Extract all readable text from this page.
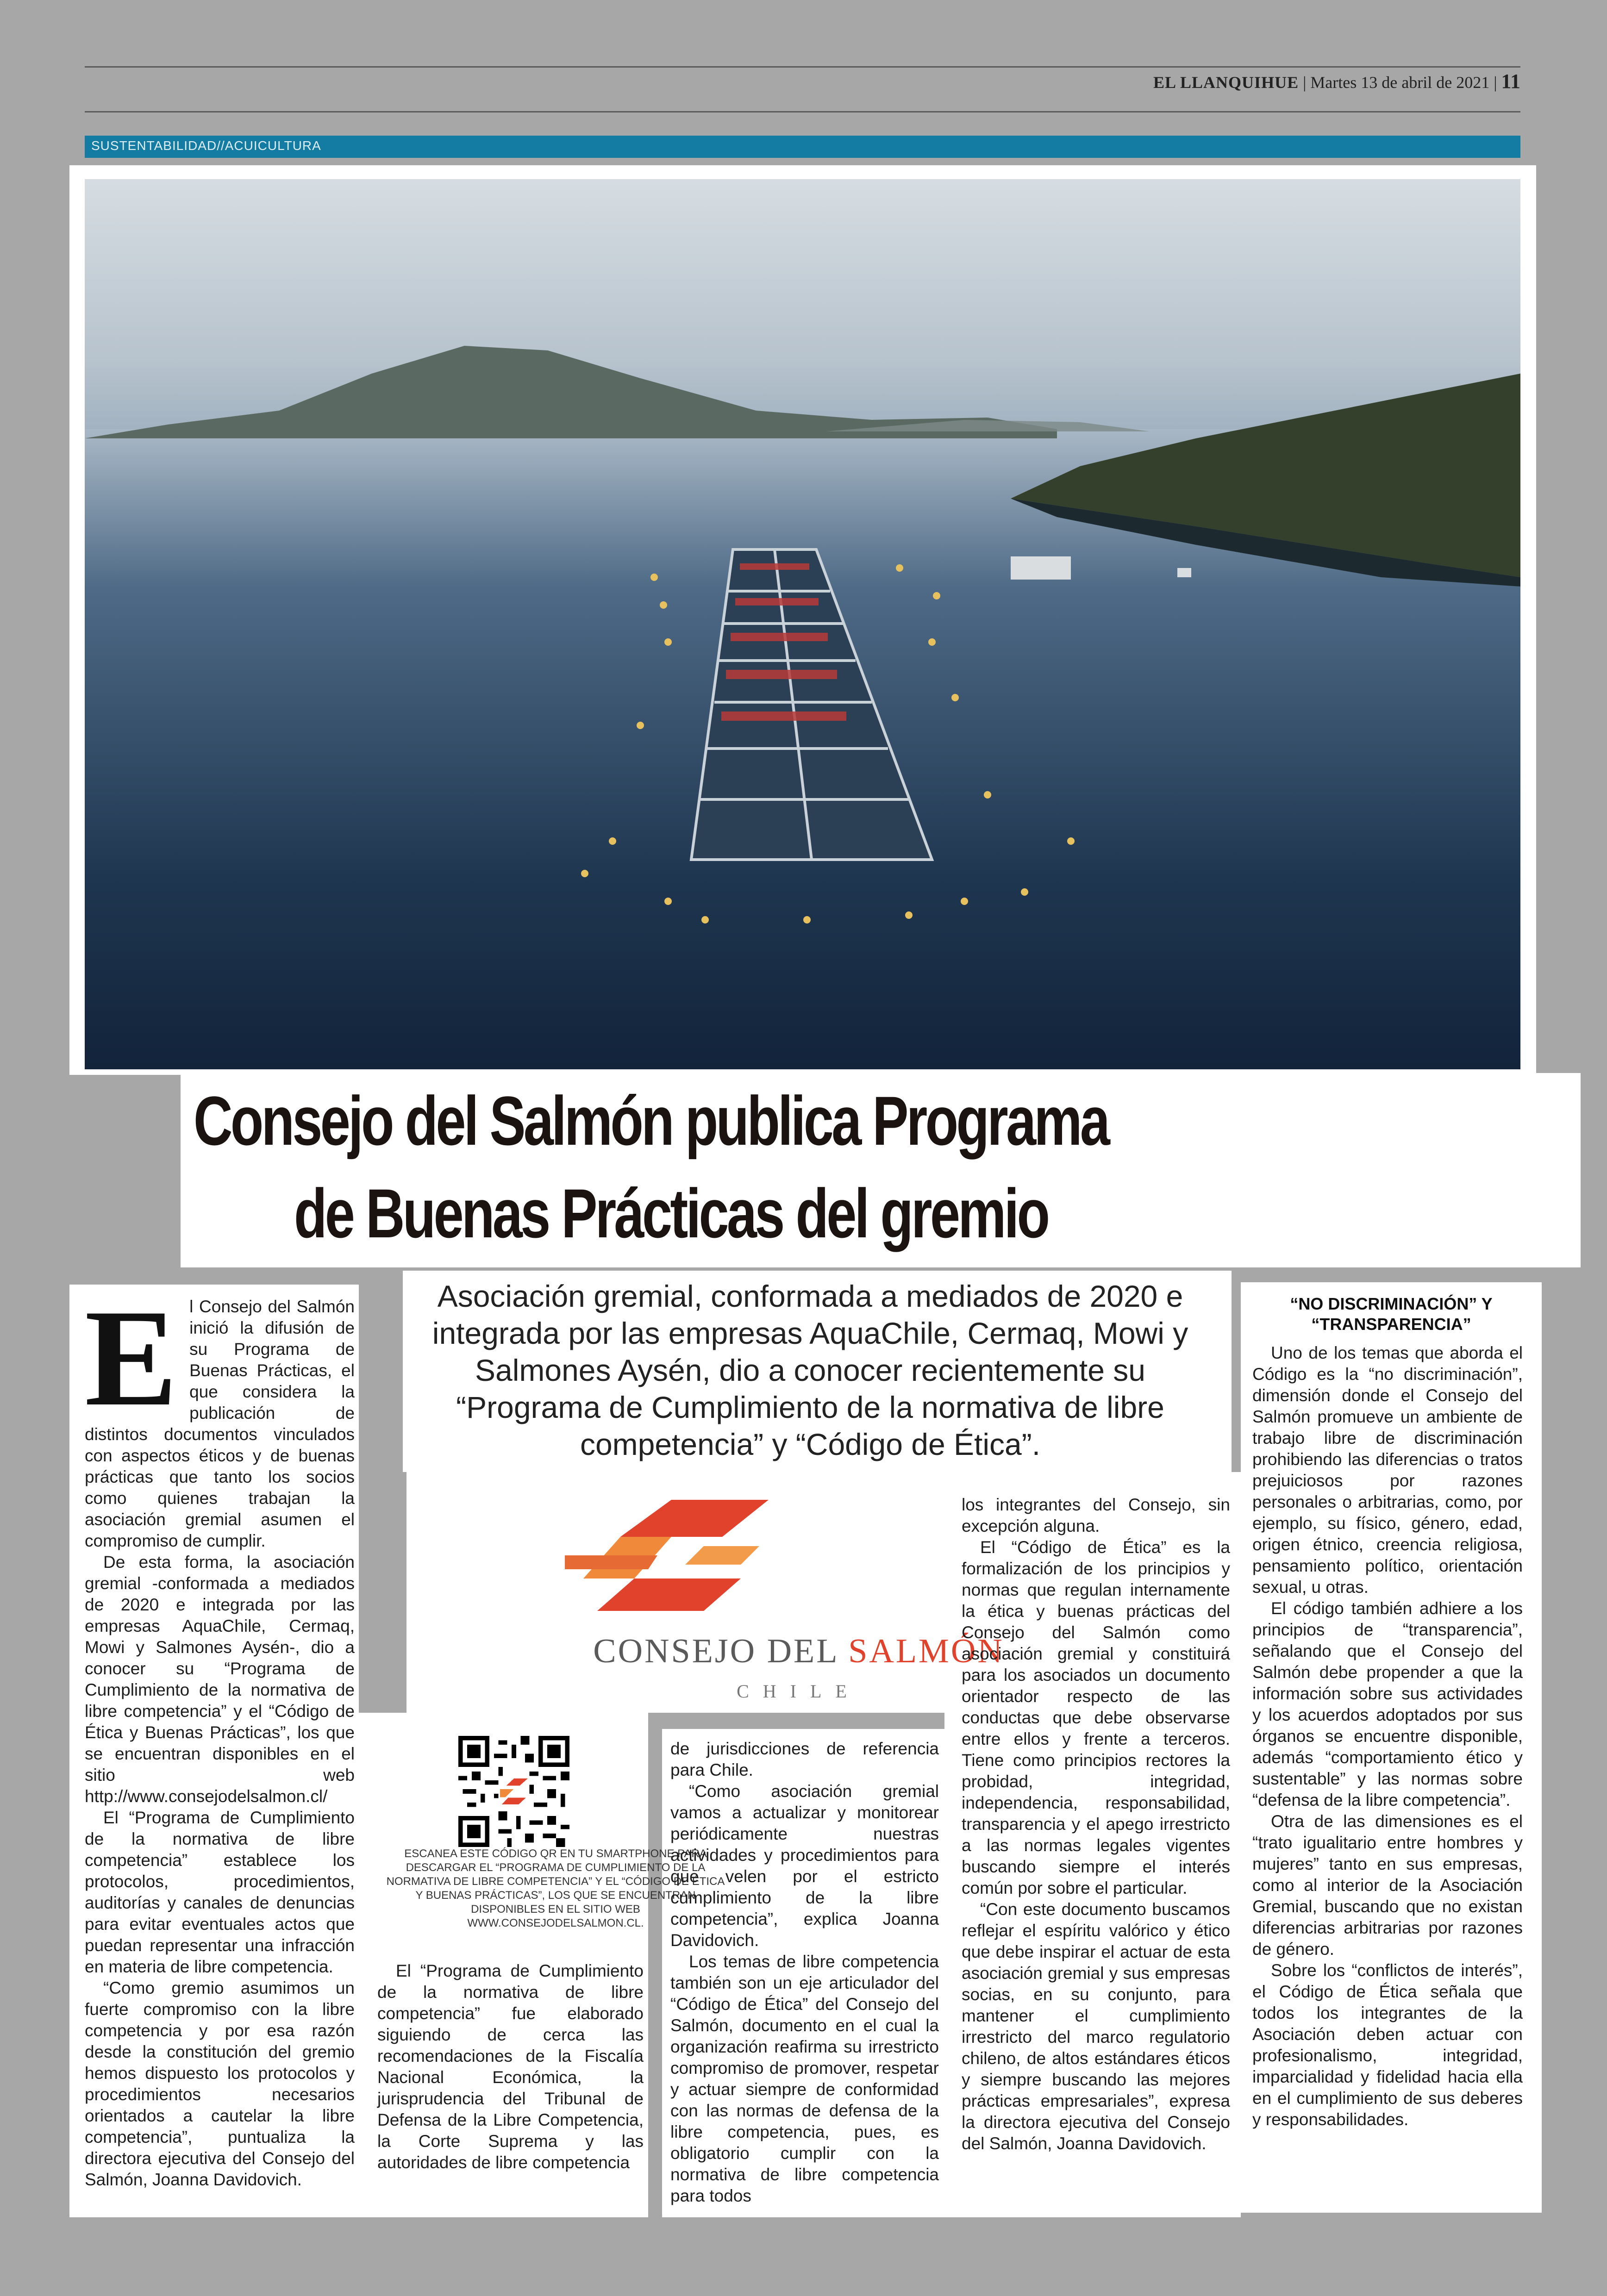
EL LLANQUIHUE | Martes 13 de abril de 2021 | 11
SUSTENTABILIDAD//ACUICULTURA
Consejo del Salmón publica Programa
de Buenas Prácticas del gremio
Asociación gremial, conformada a mediados de 2020 e integrada por las empresas AquaChile, Cermaq, Mowi y Salmones Aysén, dio a conocer recientemente su “Programa de Cumplimiento de la normativa de libre competencia” y “Código de Ética”.
CONSEJO DEL SALMÓN
CHILE
ESCANEA ESTE CÓDIGO QR EN TU SMARTPHONE PARA DESCARGAR EL “PROGRAMA DE CUMPLIMIENTO DE LA NORMATIVA DE LIBRE COMPETENCIA” Y EL “CÓDIGO DE ÉTICA Y BUENAS PRÁCTICAS”, LOS QUE SE ENCUENTRAN DISPONIBLES EN EL SITIO WEB WWW.CONSEJODELSALMON.CL.
E l Consejo del Salmón inició la difusión de su Programa de Buenas Prácticas, el que considera la publicación de distintos documentos vinculados con aspectos éticos y de buenas prácticas que tanto los socios como quienes trabajan la asociación gremial asumen el compromiso de cumplir.

De esta forma, la asociación gremial -conformada a mediados de 2020 e integrada por las empresas AquaChile, Cermaq, Mowi y Salmones Aysén-, dio a conocer su “Programa de Cumplimiento de la normativa de libre competencia” y el “Código de Ética y Buenas Prácticas”, los que se encuentran disponibles en el sitio web http://www.consejodelsalmon.cl/

El “Programa de Cumplimiento de la normativa de libre competencia” establece los protocolos, procedimientos, auditorías y canales de denuncias para evitar eventuales actos que puedan representar una infracción en materia de libre competencia.

“Como gremio asumimos un fuerte compromiso con la libre competencia y por esa razón desde la constitución del gremio hemos dispuesto los protocolos y procedimientos necesarios orientados a cautelar la libre competencia”, puntualiza la directora ejecutiva del Consejo del Salmón, Joanna Davidovich.

El “Programa de Cumplimiento de la normativa de libre competencia” fue elaborado siguiendo de cerca las recomendaciones de la Fiscalía Nacional Económica, la jurisprudencia del Tribunal de Defensa de la Libre Competencia, la Corte Suprema y las autoridades de libre competencia

de jurisdicciones de referencia para Chile.

“Como asociación gremial vamos a actualizar y monitorear periódicamente nuestras actividades y procedimientos para que velen por el estricto cumplimiento de la libre competencia”, explica Joanna Davidovich.

Los temas de libre competencia también son un eje articulador del “Código de Ética” del Consejo del Salmón, documento en el cual la organización reafirma su irrestricto compromiso de promover, respetar y actuar siempre de conformidad con las normas de defensa de la libre competencia, pues, es obligatorio cumplir con la normativa de libre competencia para todos

los integrantes del Consejo, sin excepción alguna.

El “Código de Ética” es la formalización de los principios y normas que regulan internamente la ética y buenas prácticas del Consejo del Salmón como asociación gremial y constituirá para los asociados un documento orientador respecto de las conductas que debe observarse entre ellos y frente a terceros. Tiene como principios rectores la probidad, integridad, independencia, responsabilidad, transparencia y el apego irrestricto a las normas legales vigentes buscando siempre el interés común por sobre el particular.

“Con este documento buscamos reflejar el espíritu valórico y ético que debe inspirar el actuar de esta asociación gremial y sus empresas socias, en su conjunto, para mantener el cumplimiento irrestricto del marco regulatorio chileno, de altos estándares éticos y siempre buscando las mejores prácticas empresariales”, expresa la directora ejecutiva del Consejo del Salmón, Joanna Davidovich.

“NO DISCRIMINACIÓN” Y “TRANSPARENCIA”

Uno de los temas que aborda el Código es la “no discriminación”, dimensión donde el Consejo del Salmón promueve un ambiente de trabajo libre de discriminación prohibiendo las diferencias o tratos prejuiciosos por razones personales o arbitrarias, como, por ejemplo, su físico, género, edad, origen étnico, creencia religiosa, pensamiento político, orientación sexual, u otras.

El código también adhiere a los principios de “transparencia”, señalando que el Consejo del Salmón debe propender a que la información sobre sus actividades y los acuerdos adoptados por sus órganos se encuentre disponible, además “comportamiento ético y sustentable” y las normas sobre “defensa de la libre competencia”.

Otra de las dimensiones es el “trato igualitario entre hombres y mujeres” tanto en sus empresas, como al interior de la Asociación Gremial, buscando que no existan diferencias arbitrarias por razones de género.

Sobre los “conflictos de interés”, el Código de Ética señala que todos los integrantes de la Asociación deben actuar con profesionalismo, integridad, imparcialidad y fidelidad hacia ella en el cumplimiento de sus deberes y responsabilidades.
